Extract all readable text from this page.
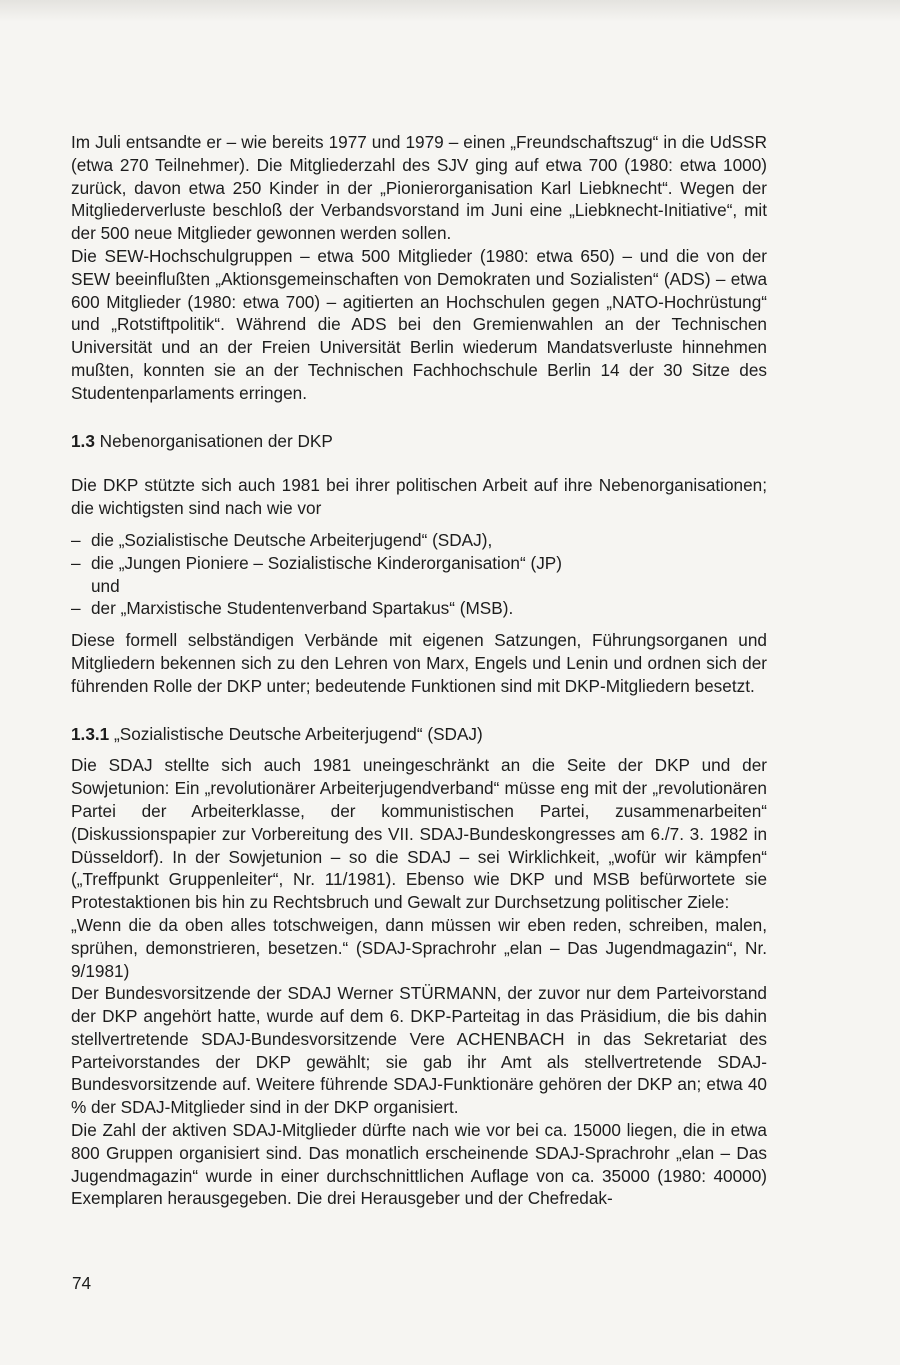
Im Juli entsandte er – wie bereits 1977 und 1979 – einen „Freundschaftszug“ in die UdSSR (etwa 270 Teilnehmer). Die Mitgliederzahl des SJV ging auf etwa 700 (1980: etwa 1000) zurück, davon etwa 250 Kinder in der „Pionierorganisation Karl Liebknecht“. Wegen der Mitgliederverluste beschloß der Verbandsvorstand im Juni eine „Liebknecht-Initiative“, mit der 500 neue Mitglieder gewonnen werden sollen.

Die SEW-Hochschulgruppen – etwa 500 Mitglieder (1980: etwa 650) – und die von der SEW beeinflußten „Aktionsgemeinschaften von Demokraten und Sozialisten“ (ADS) – etwa 600 Mitglieder (1980: etwa 700) – agitierten an Hochschulen gegen „NATO-Hochrüstung“ und „Rotstiftpolitik“. Während die ADS bei den Gremienwahlen an der Technischen Universität und an der Freien Universität Berlin wiederum Mandatsverluste hinnehmen mußten, konnten sie an der Technischen Fachhochschule Berlin 14 der 30 Sitze des Studentenparlaments erringen.

1.3 Nebenorganisationen der DKP

Die DKP stützte sich auch 1981 bei ihrer politischen Arbeit auf ihre Nebenorganisationen; die wichtigsten sind nach wie vor

– die „Sozialistische Deutsche Arbeiterjugend“ (SDAJ),
– die „Jungen Pioniere – Sozialistische Kinderorganisation“ (JP)
und
– der „Marxistische Studentenverband Spartakus“ (MSB).

Diese formell selbständigen Verbände mit eigenen Satzungen, Führungsorganen und Mitgliedern bekennen sich zu den Lehren von Marx, Engels und Lenin und ordnen sich der führenden Rolle der DKP unter; bedeutende Funktionen sind mit DKP-Mitgliedern besetzt.

1.3.1 „Sozialistische Deutsche Arbeiterjugend“ (SDAJ)

Die SDAJ stellte sich auch 1981 uneingeschränkt an die Seite der DKP und der Sowjetunion: Ein „revolutionärer Arbeiterjugendverband“ müsse eng mit der „revolutionären Partei der Arbeiterklasse, der kommunistischen Partei, zusammenarbeiten“ (Diskussionspapier zur Vorbereitung des VII. SDAJ-Bundeskongresses am 6./7. 3. 1982 in Düsseldorf). In der Sowjetunion – so die SDAJ – sei Wirklichkeit, „wofür wir kämpfen“ („Treffpunkt Gruppenleiter“, Nr. 11/1981). Ebenso wie DKP und MSB befürwortete sie Protestaktionen bis hin zu Rechtsbruch und Gewalt zur Durchsetzung politischer Ziele:

„Wenn die da oben alles totschweigen, dann müssen wir eben reden, schreiben, malen, sprühen, demonstrieren, besetzen.“ (SDAJ-Sprachrohr „elan – Das Jugendmagazin“, Nr. 9/1981)

Der Bundesvorsitzende der SDAJ Werner STÜRMANN, der zuvor nur dem Parteivorstand der DKP angehört hatte, wurde auf dem 6. DKP-Parteitag in das Präsidium, die bis dahin stellvertretende SDAJ-Bundesvorsitzende Vere ACHENBACH in das Sekretariat des Parteivorstandes der DKP gewählt; sie gab ihr Amt als stellvertretende SDAJ-Bundesvorsitzende auf. Weitere führende SDAJ-Funktionäre gehören der DKP an; etwa 40 % der SDAJ-Mitglieder sind in der DKP organisiert.

Die Zahl der aktiven SDAJ-Mitglieder dürfte nach wie vor bei ca. 15000 liegen, die in etwa 800 Gruppen organisiert sind. Das monatlich erscheinende SDAJ-Sprachrohr „elan – Das Jugendmagazin“ wurde in einer durchschnittlichen Auflage von ca. 35000 (1980: 40000) Exemplaren herausgegeben. Die drei Herausgeber und der Chefredak-

74
